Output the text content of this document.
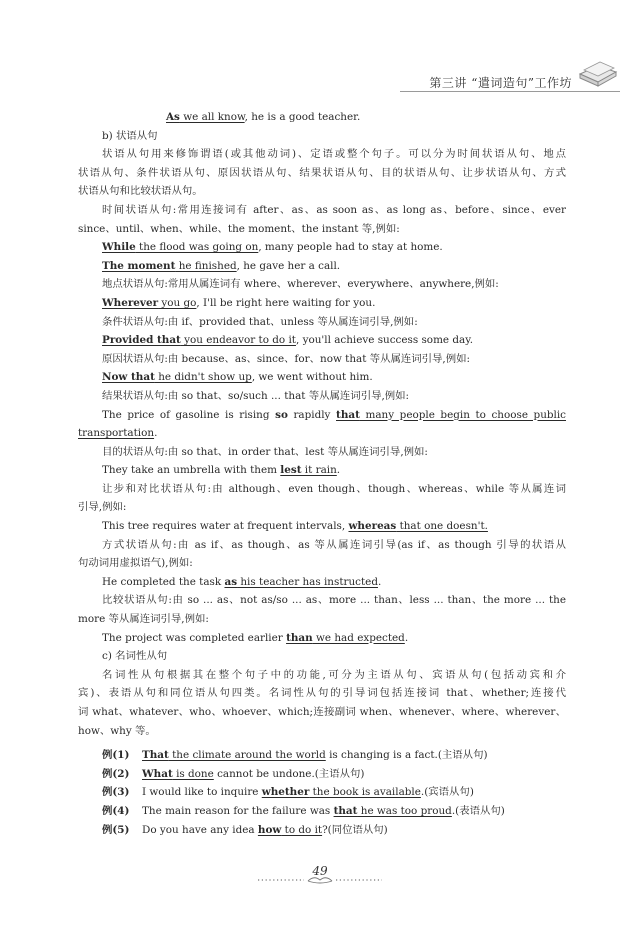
第三讲 “遣词造句”工作坊
As we all know, he is a good teacher.
b) 状语从句
状语从句用来修饰谓语(或其他动词)、定语或整个句子。可以分为时间状语从句、地点
状语从句、条件状语从句、原因状语从句、结果状语从句、目的状语从句、让步状语从句、方式
状语从句和比较状语从句。
时间状语从句:常用连接词有 after、as、as soon as、as long as、before、since、ever
since、until、when、while、the moment、the instant 等,例如:
While the flood was going on, many people had to stay at home.
The moment he finished, he gave her a call.
地点状语从句:常用从属连词有 where、wherever、everywhere、anywhere,例如:
Wherever you go, I'll be right here waiting for you.
条件状语从句:由 if、provided that、unless 等从属连词引导,例如:
Provided that you endeavor to do it, you'll achieve success some day.
原因状语从句:由 because、as、since、for、now that 等从属连词引导,例如:
Now that he didn't show up, we went without him.
结果状语从句:由 so that、so/such ... that 等从属连词引导,例如:
The price of gasoline is rising so rapidly that many people begin to choose public
transportation.
目的状语从句:由 so that、in order that、lest 等从属连词引导,例如:
They take an umbrella with them lest it rain.
让步和对比状语从句:由 although、even though、though、whereas、while 等从属连词
引导,例如:
This tree requires water at frequent intervals, whereas that one doesn't.
方式状语从句:由 as if、as though、as 等从属连词引导(as if、as though 引导的状语从
句动词用虚拟语气),例如:
He completed the task as his teacher has instructed.
比较状语从句:由 so ... as、not as/so ... as、more ... than、less ... than、the more ... the
more 等从属连词引导,例如:
The project was completed earlier than we had expected.
c) 名词性从句
名词性从句根据其在整个句子中的功能,可分为主语从句、宾语从句(包括动宾和介
宾)、表语从句和同位语从句四类。名词性从句的引导词包括连接词 that、whether;连接代
词 what、whatever、who、whoever、which;连接副词 when、whenever、where、wherever、
how、why 等。
例(1) That the climate around the world is changing is a fact.(主语从句)
例(2) What is done cannot be undone.(主语从句)
例(3) I would like to inquire whether the book is available.(宾语从句)
例(4) The main reason for the failure was that he was too proud.(表语从句)
例(5) Do you have any idea how to do it?(同位语从句)
49
